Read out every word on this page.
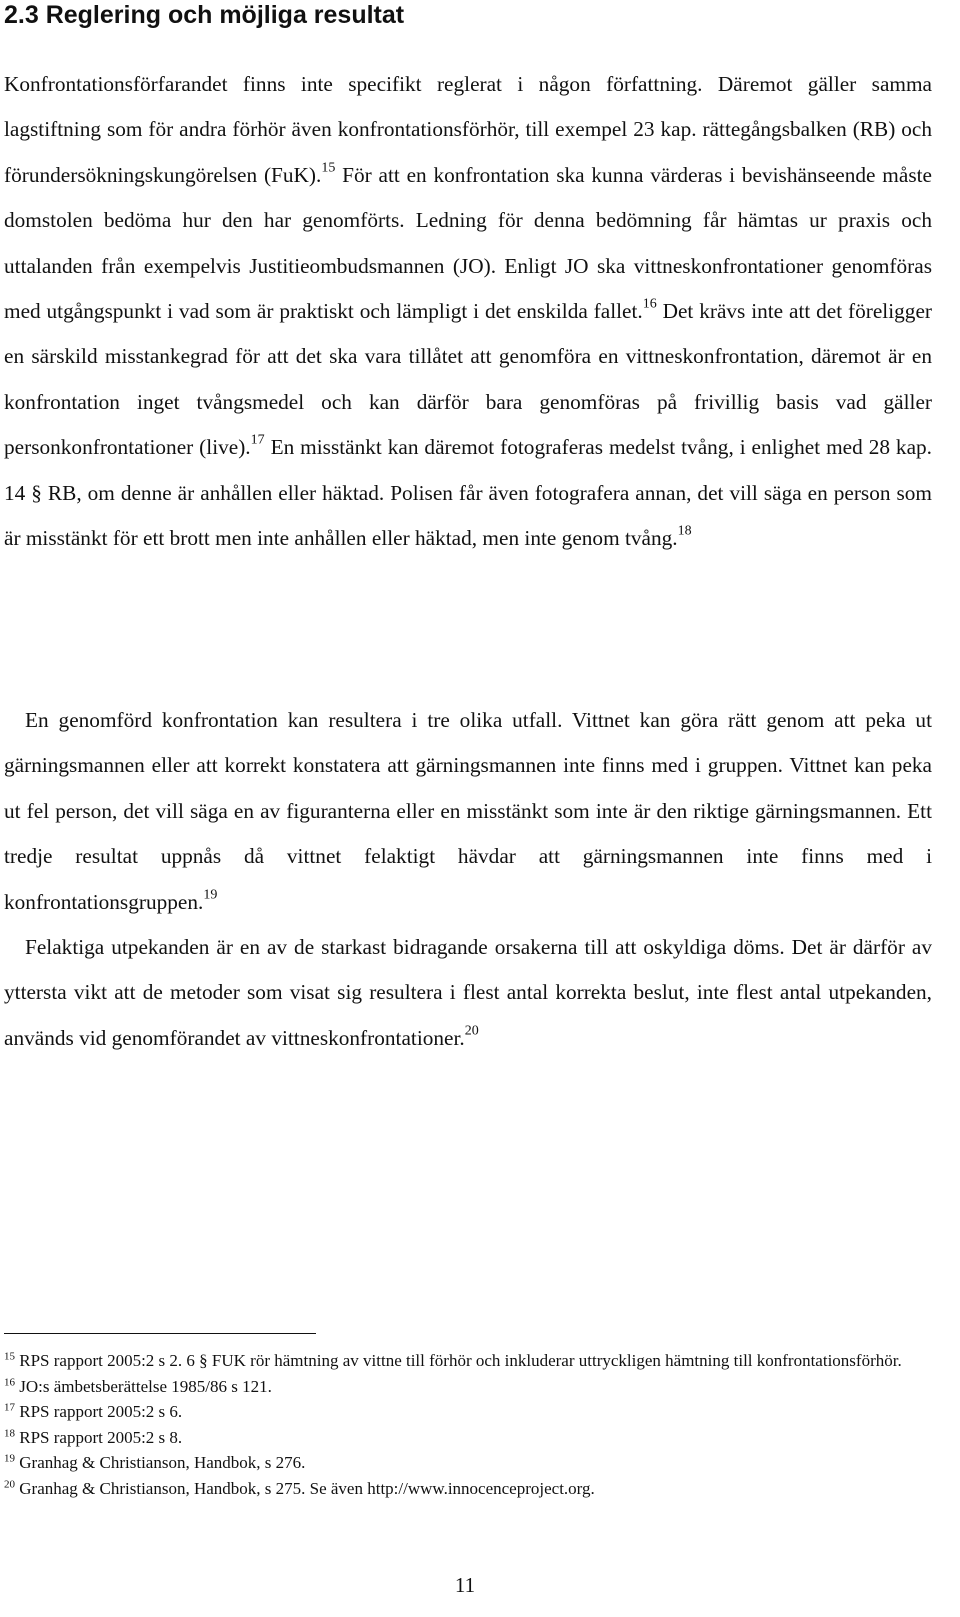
2.3 Reglering och möjliga resultat

Konfrontationsförfarandet finns inte specifikt reglerat i någon författning. Däremot gäller samma lagstiftning som för andra förhör även konfrontationsförhör, till exempel 23 kap. rättegångsbalken (RB) och förundersökningskungörelsen (FuK).$^{15}$ För att en konfrontation ska kunna värderas i bevishänseende måste domstolen bedöma hur den har genomförts. Ledning för denna bedömning får hämtas ur praxis och uttalanden från exempelvis Justitieombudsmannen (JO). Enligt JO ska vittneskonfrontationer genomföras med utgångspunkt i vad som är praktiskt och lämpligt i det enskilda fallet.$^{16}$ Det krävs inte att det föreligger en särskild misstankegrad för att det ska vara tillåtet att genomföra en vittneskonfrontation, däremot är en konfrontation inget tvångsmedel och kan därför bara genomföras på frivillig basis vad gäller personkonfrontationer (live).$^{17}$ En misstänkt kan däremot fotograferas medelst tvång, i enlighet med 28 kap. 14 § RB, om denne är anhållen eller häktad. Polisen får även fotografera annan, det vill säga en person som är misstänkt för ett brott men inte anhållen eller häktad, men inte genom tvång.$^{18}$

En genomförd konfrontation kan resultera i tre olika utfall. Vittnet kan göra rätt genom att peka ut gärningsmannen eller att korrekt konstatera att gärningsmannen inte finns med i gruppen. Vittnet kan peka ut fel person, det vill säga en av figuranterna eller en misstänkt som inte är den riktige gärningsmannen. Ett tredje resultat uppnås då vittnet felaktigt hävdar att gärningsmannen inte finns med i konfrontationsgruppen.$^{19}$

Felaktiga utpekanden är en av de starkast bidragande orsakerna till att oskyldiga döms. Det är därför av yttersta vikt att de metoder som visat sig resultera i flest antal korrekta beslut, inte flest antal utpekanden, används vid genomförandet av vittneskonfrontationer.$^{20}$

$^{15}$ RPS rapport 2005:2 s 2. 6 § FUK rör hämtning av vittne till förhör och inkluderar uttryckligen hämtning till konfrontationsförhör.

$^{16}$ JO:s ämbetsberättelse 1985/86 s 121.

$^{17}$ RPS rapport 2005:2 s 6.

$^{18}$ RPS rapport 2005:2 s 8.

$^{19}$ Granhag & Christianson, Handbok, s 276.

$^{20}$ Granhag & Christianson, Handbok, s 275. Se även http://www.innocenceproject.org.

11
